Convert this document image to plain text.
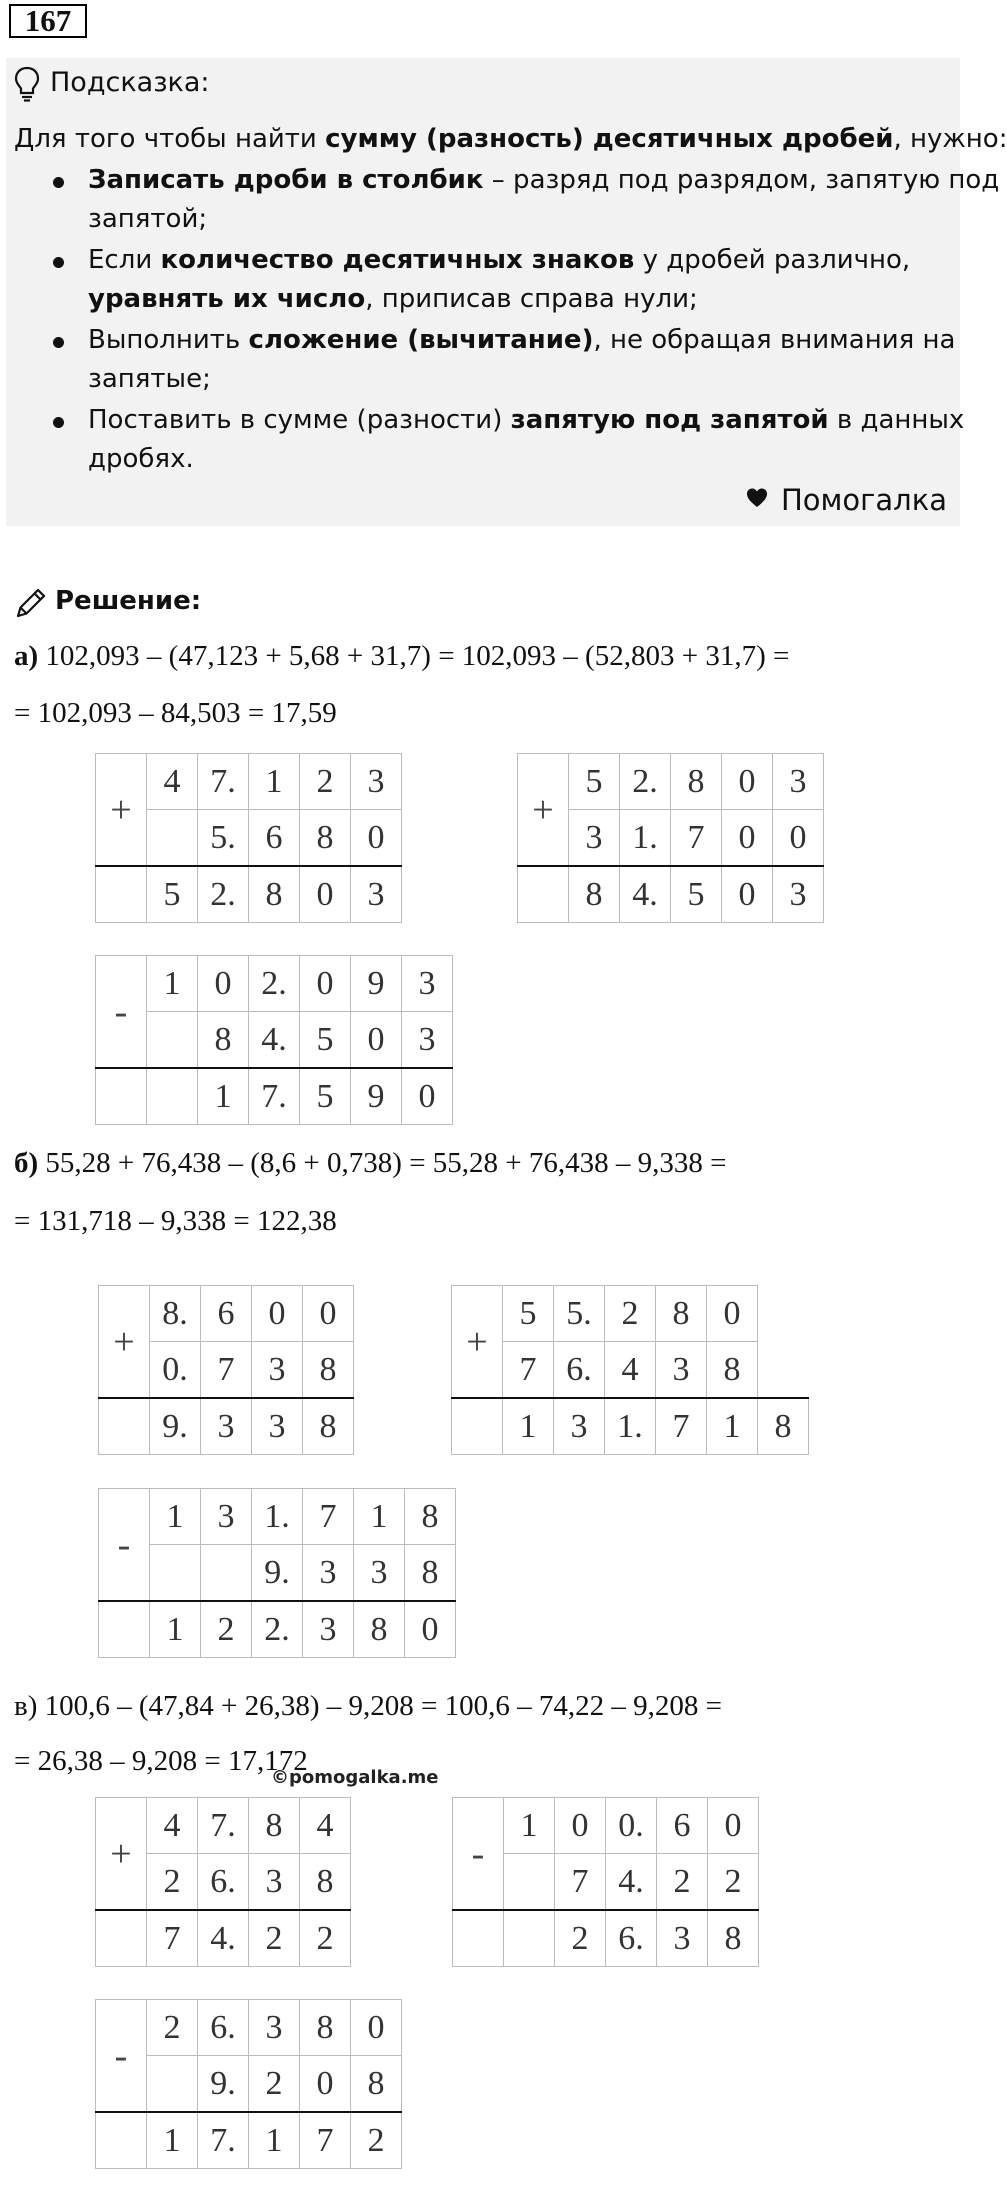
167
Подсказка:
Для того чтобы найти сумму (разность) десятичных дробей, нужно:
Записать дроби в столбик – разряд под разрядом, запятую под
запятой;
Если количество десятичных знаков у дробей различно,
уравнять их число, приписав справа нули;
Выполнить сложение (вычитание), не обращая внимания на
запятые;
Поставить в сумме (разности) запятую под запятой в данных
дробях.
Помогалка
Решение:
а) 102,093 – (47,123 + 5,68 + 31,7) = 102,093 – (52,803 + 31,7) =
= 102,093 – 84,503 = 17,59
б) 55,28 + 76,438 – (8,6 + 0,738) = 55,28 + 76,438 – 9,338 =
= 131,718 – 9,338 = 122,38
в) 100,6 – (47,84 + 26,38) – 9,208 = 100,6 – 74,22 – 9,208 =
= 26,38 – 9,208 = 17,172
©pomogalka.me
+	4	7.	1	2	3
		5.	6	8	0
	5	2.	8	0	3
+	5	2.	8	0	3
	3	1.	7	0	0
	8	4.	5	0	3
-	1	0	2.	0	9	3
		8	4.	5	0	3
		1	7.	5	9	0
+	8.	6	0	0
	0.	7	3	8
	9.	3	3	8
+	5	5.	2	8	0	
	7	6.	4	3	8	
	1	3	1.	7	1	8
-	1	3	1.	7	1	8
			9.	3	3	8
	1	2	2.	3	8	0
+	4	7.	8	4
	2	6.	3	8
	7	4.	2	2
-	1	0	0.	6	0
		7	4.	2	2
		2	6.	3	8
-	2	6.	3	8	0
		9.	2	0	8
	1	7.	1	7	2
